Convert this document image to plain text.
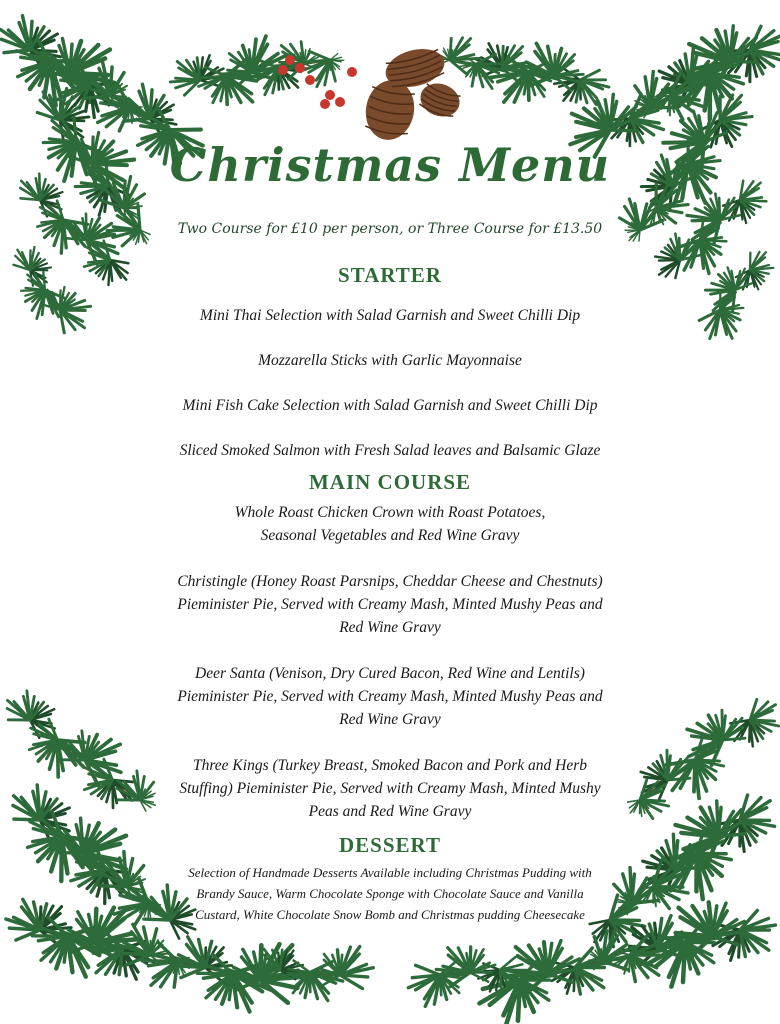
Christmas Menu
Two Course for £10 per person, or Three Course for £13.50
STARTER
Mini Thai Selection with Salad Garnish and Sweet Chilli Dip
Mozzarella Sticks with Garlic Mayonnaise
Mini Fish Cake Selection with Salad Garnish and Sweet Chilli Dip
Sliced Smoked Salmon with Fresh Salad leaves and Balsamic Glaze
MAIN COURSE
Whole Roast Chicken Crown with Roast Potatoes,
Seasonal Vegetables and Red Wine Gravy
Christingle (Honey Roast Parsnips, Cheddar Cheese and Chestnuts)
Pieminister Pie, Served with Creamy Mash, Minted Mushy Peas and
Red Wine Gravy
Deer Santa (Venison, Dry Cured Bacon, Red Wine and Lentils)
Pieminister Pie, Served with Creamy Mash, Minted Mushy Peas and
Red Wine Gravy
Three Kings (Turkey Breast, Smoked Bacon and Pork and Herb
Stuffing) Pieminister Pie, Served with Creamy Mash, Minted Mushy
Peas and Red Wine Gravy
DESSERT
Selection of Handmade Desserts Available including Christmas Pudding with
Brandy Sauce, Warm Chocolate Sponge with Chocolate Sauce and Vanilla
Custard, White Chocolate Snow Bomb and Christmas pudding Cheesecake
